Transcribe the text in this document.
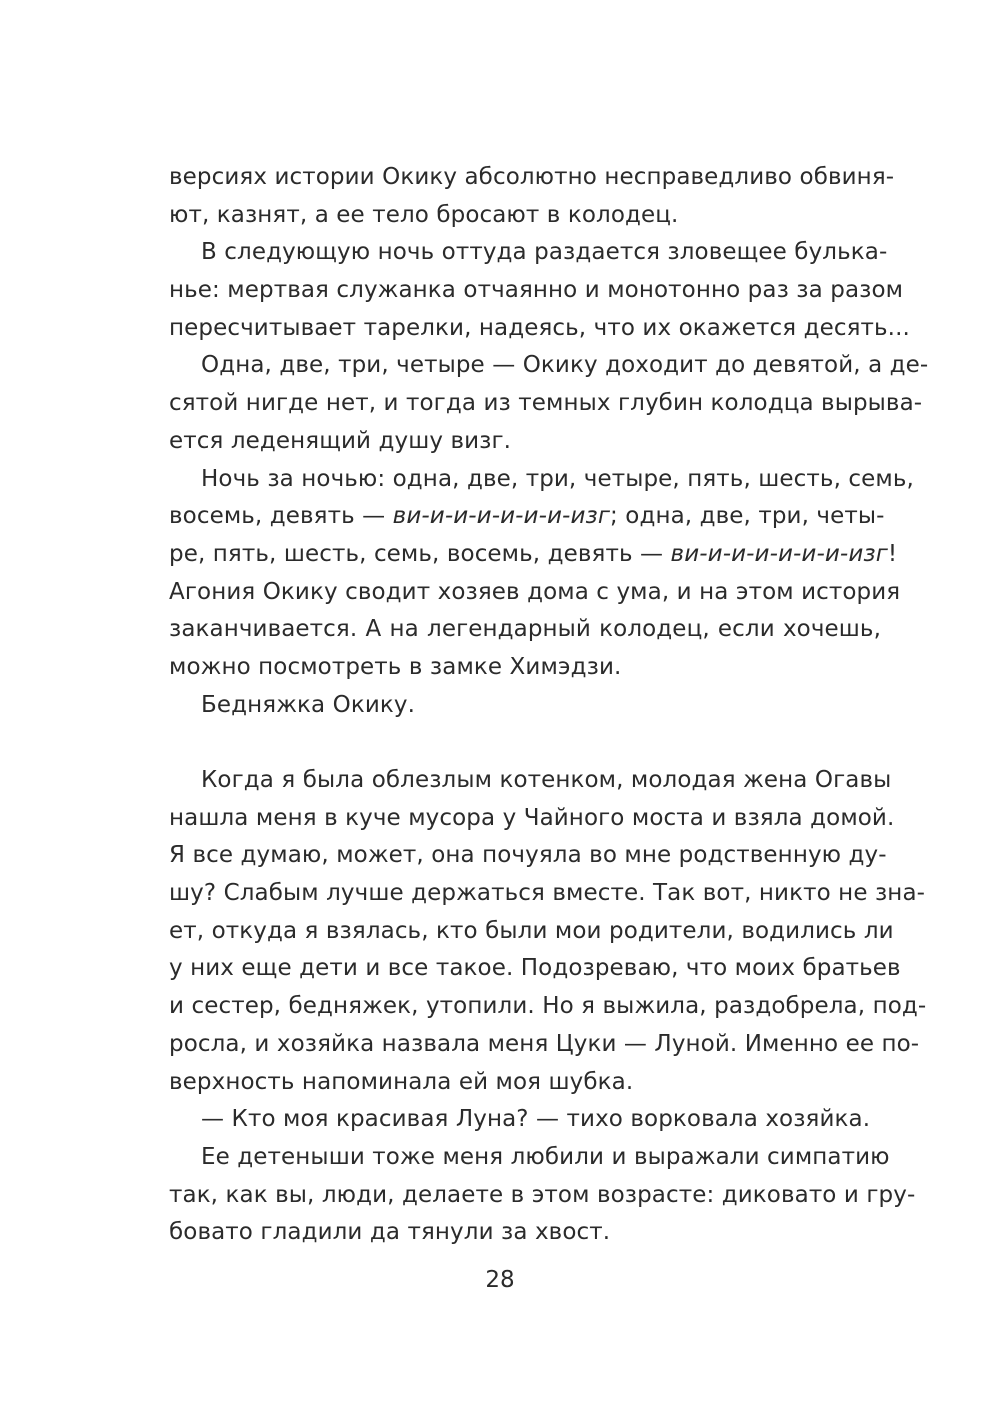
версиях истории Окику абсолютно несправедливо обвиня-
ют, казнят, а ее тело бросают в колодец.
В следующую ночь оттуда раздается зловещее булька-
нье: мертвая служанка отчаянно и монотонно раз за разом
пересчитывает тарелки, надеясь, что их окажется десять...
Одна, две, три, четыре — Окику доходит до девятой, а де-
сятой нигде нет, и тогда из темных глубин колодца вырыва-
ется леденящий душу визг.
Ночь за ночью: одна, две, три, четыре, пять, шесть, семь,
восемь, девять — ви-и-и-и-и-и-и-изг; одна, две, три, четы-
ре, пять, шесть, семь, восемь, девять — ви-и-и-и-и-и-и-изг!
Агония Окику сводит хозяев дома с ума, и на этом история
заканчивается. А на легендарный колодец, если хочешь,
можно посмотреть в замке Химэдзи.
Бедняжка Окику.
Когда я была облезлым котенком, молодая жена Огавы
нашла меня в куче мусора у Чайного моста и взяла домой.
Я все думаю, может, она почуяла во мне родственную ду-
шу? Слабым лучше держаться вместе. Так вот, никто не зна-
ет, откуда я взялась, кто были мои родители, водились ли
у них еще дети и все такое. Подозреваю, что моих братьев
и сестер, бедняжек, утопили. Но я выжила, раздобрела, под-
росла, и хозяйка назвала меня Цуки — Луной. Именно ее по-
верхность напоминала ей моя шубка.
— Кто моя красивая Луна? — тихо ворковала хозяйка.
Ее детеныши тоже меня любили и выражали симпатию
так, как вы, люди, делаете в этом возрасте: диковато и гру-
бовато гладили да тянули за хвост.
28
